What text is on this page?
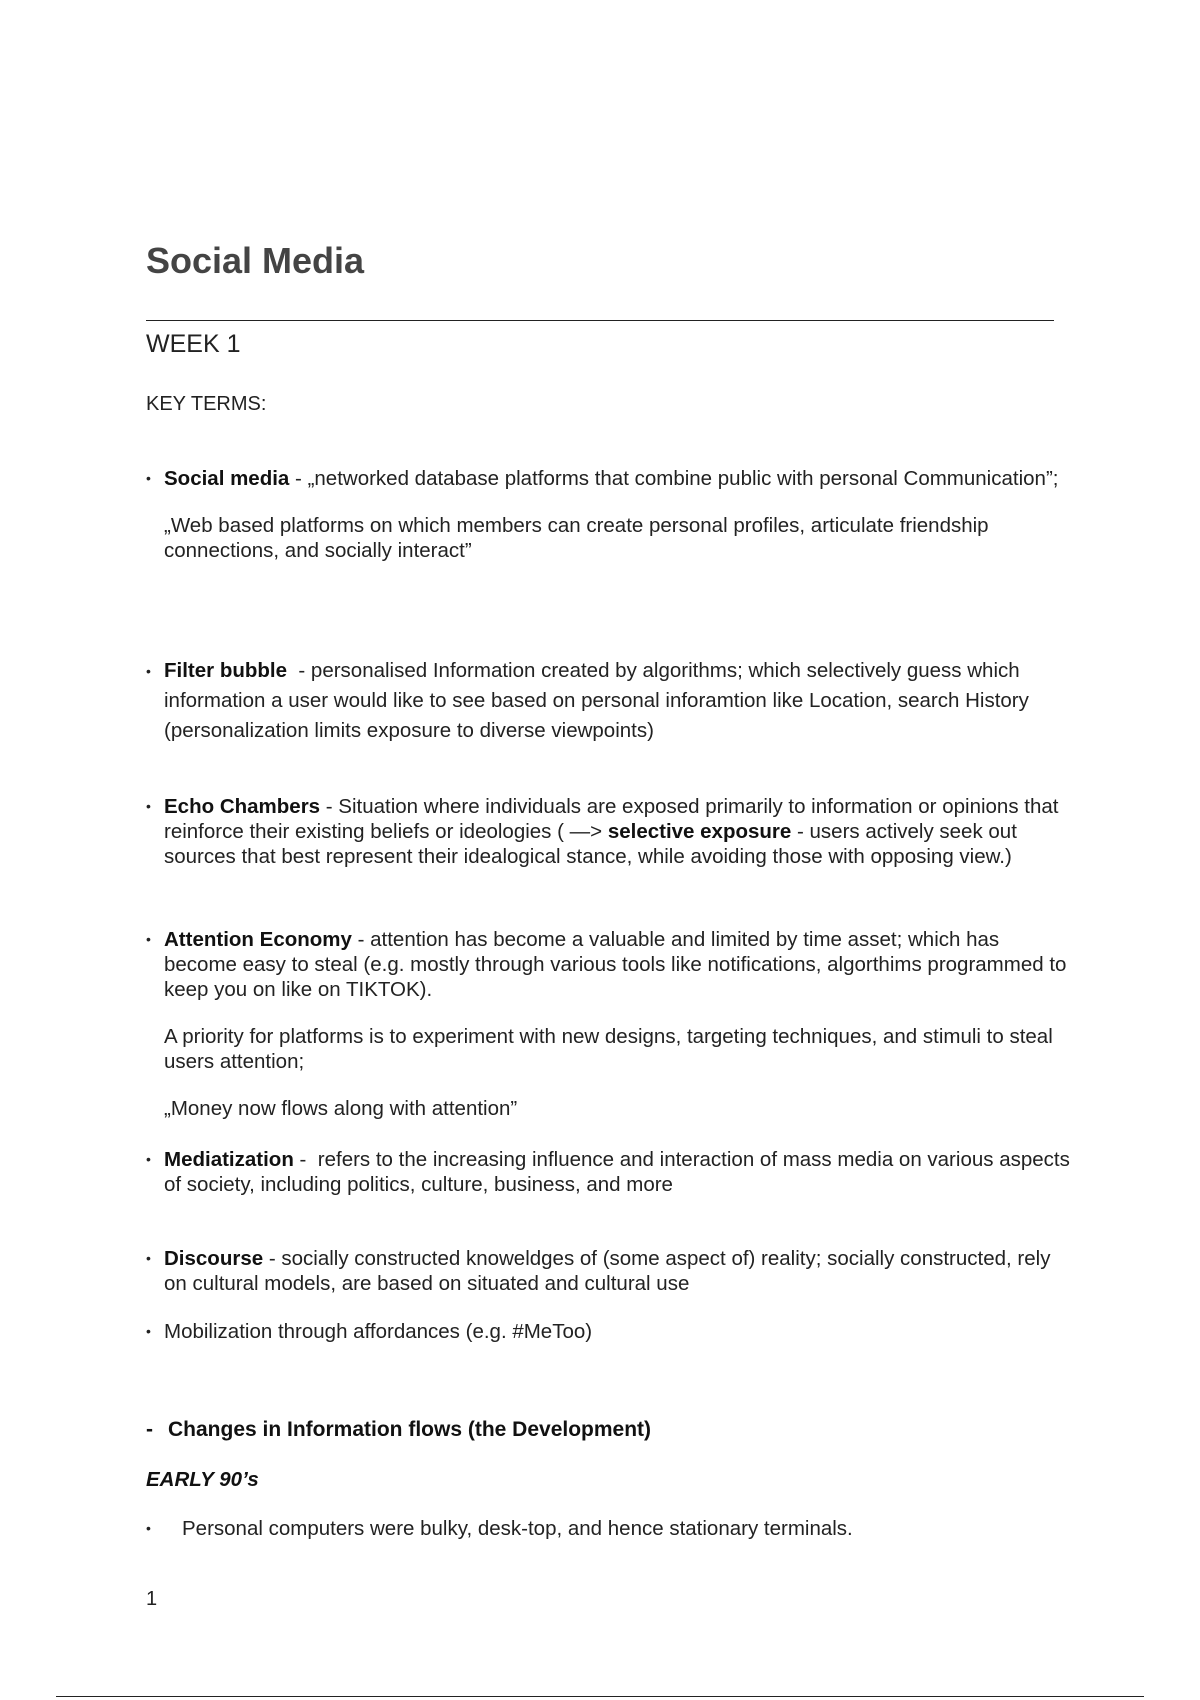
Social Media
WEEK 1
KEY TERMS:
• Social media - „networked database platforms that combine public with personal Communication”;

„Web based platforms on which members can create personal profiles, articulate friendship connections, and socially interact”

• Filter bubble  - personalised Information created by algorithms; which selectively guess which information a user would like to see based on personal inforamtion like Location, search History (personalization limits exposure to diverse viewpoints)

• Echo Chambers - Situation where individuals are exposed primarily to information or opinions that reinforce their existing beliefs or ideologies ( —> selective exposure - users actively seek out sources that best represent their idealogical stance, while avoiding those with opposing view.)

• Attention Economy - attention has become a valuable and limited by time asset; which has become easy to steal (e.g. mostly through various tools like notifications, algorthims programmed to keep you on like on TIKTOK).

A priority for platforms is to experiment with new designs, targeting techniques, and stimuli to steal users attention;

„Money now flows along with attention”

• Mediatization -  refers to the increasing influence and interaction of mass media on various aspects of society, including politics, culture, business, and more

• Discourse - socially constructed knoweldges of (some aspect of) reality; socially constructed, rely on cultural models, are based on situated and cultural use

• Mobilization through affordances (e.g. #MeToo)

- Changes in Information flows (the Development)
EARLY 90’s
• Personal computers were bulky, desk-top, and hence stationary terminals.
1
